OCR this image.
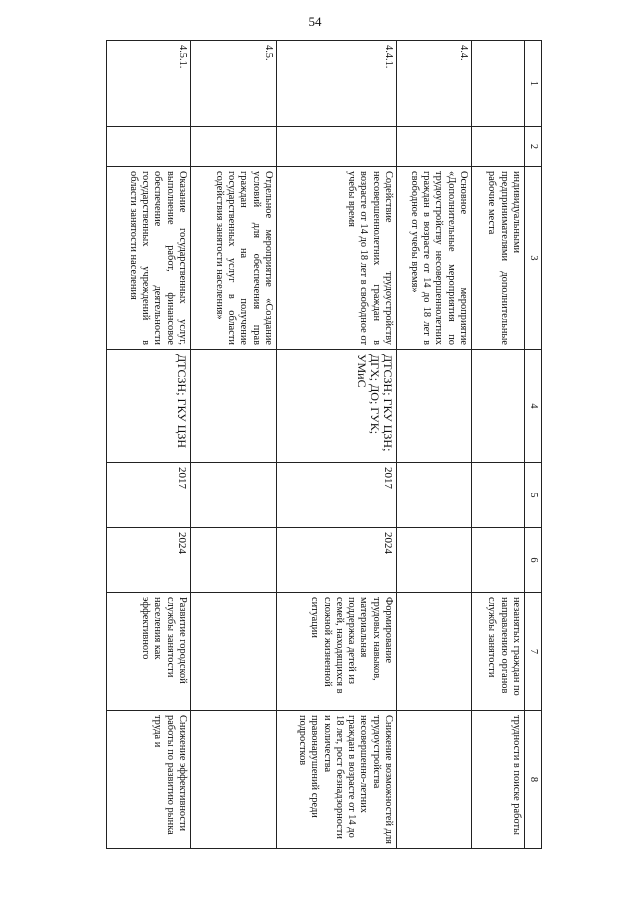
54
1	2	3	4	5	6	7	8
		индивидуальными предпринимателями дополнительные рабочие места				незанятых граждан по направлению органов службы занятости	трудности в поиске работы
4.4.		Основное мероприятие «Дополнительные мероприятия по трудоустройству несовершеннолетних граждан в возрасте от 14 до 18 лет в свободное от учебы время»					
4.4.1.		Содействие трудоустройству несовершеннолетних граждан в возрасте от 14 до 18 лет в свободное от учебы время	ДТСЗН; ГКУ ЦЗН; ДГХ; ДО; ГУК; УМиС	2017	2024	Формирование трудовых навыков, материальная поддержка детей из семей, находящихся в сложной жизненной ситуации	Снижение возможностей для трудоустройства несовершенно-летних граждан в возрасте от 14 до 18 лет, рост безнадзорности и количества правонарушений среди подростков
4.5.		Отдельное мероприятие «Создание условий для обеспечения прав граждан на получение государственных услуг в области содействия занятости населения»					
4.5.1.		Оказание государственных услуг, выполнение работ, финансовое обеспечение деятельности государственных учреждений в области занятости населения	ДТСЗН; ГКУ ЦЗН	2017	2024	Развитие городской службы занятости населения как эффективного	Снижение эффективности работы по развитию рынка труда и
